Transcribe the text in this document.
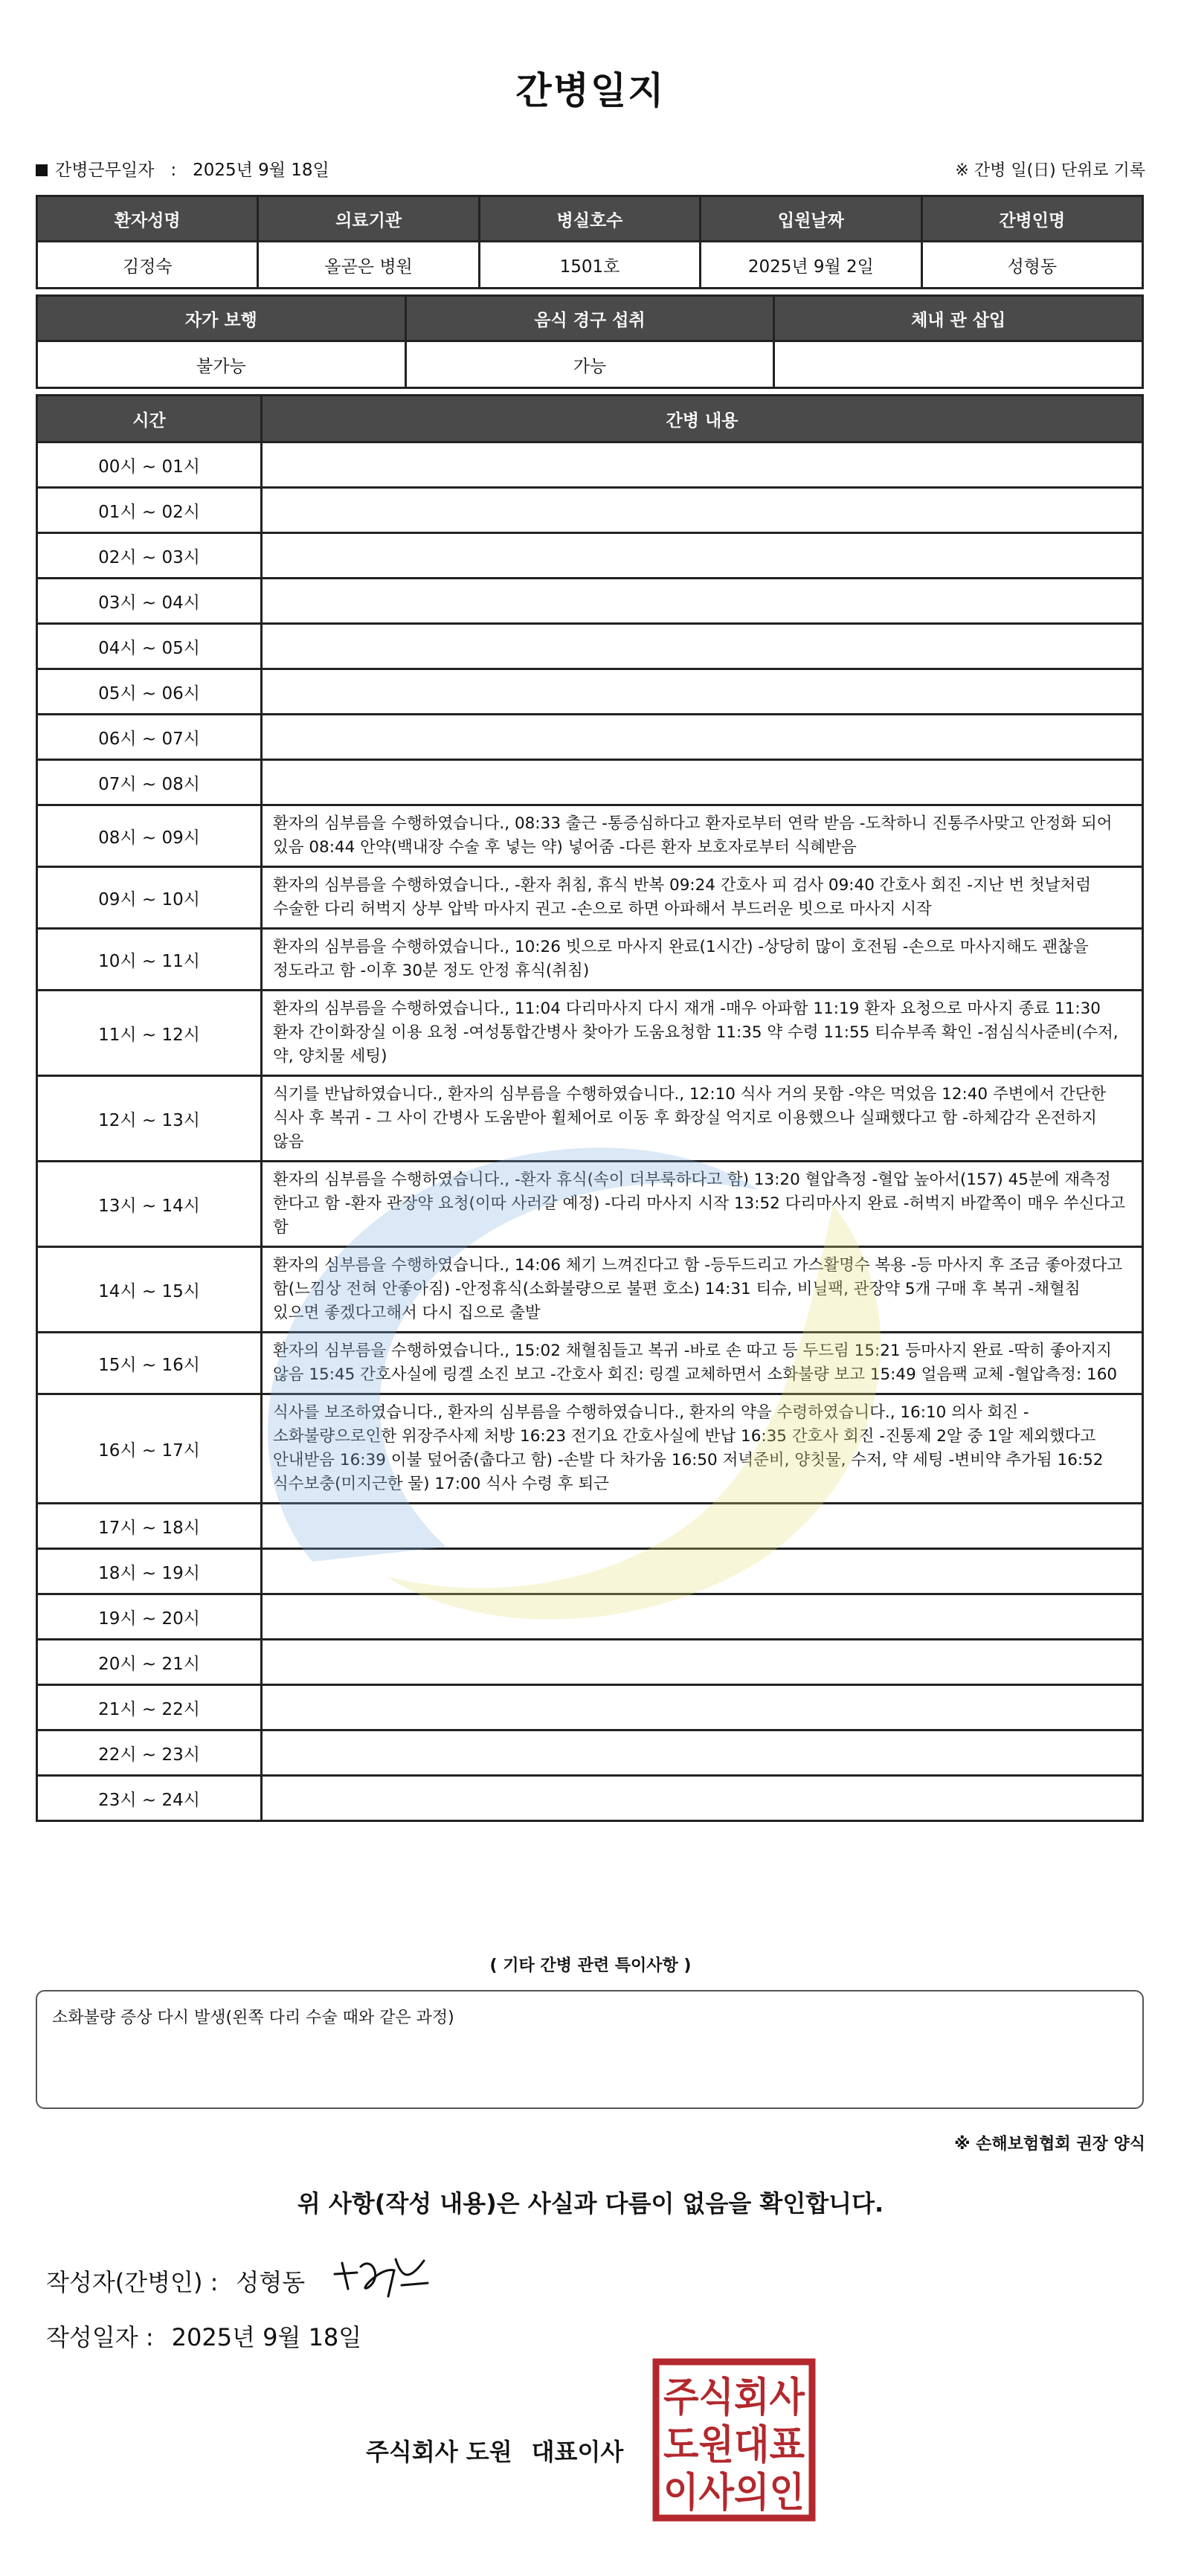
간병일지
간병근무일자 : 2025년 9월 18일	※ 간병 일(日) 단위로 기록
환자성명	의료기관	병실호수	입원날짜	간병인명
김정숙	올곧은 병원	1501호	2025년 9월 2일	성형동
자가 보행	음식 경구 섭취	체내 관 삽입
불가능	가능	
시간	간병 내용
00시 ~ 01시	
01시 ~ 02시	
02시 ~ 03시	
03시 ~ 04시	
04시 ~ 05시	
05시 ~ 06시	
06시 ~ 07시	
07시 ~ 08시	
08시 ~ 09시	환자의 심부름을 수행하였습니다., 08:33 출근 -통증심하다고 환자로부터 연락 받음 -도착하니 진통주사맞고 안정화 되어 있음 08:44 안약(백내장 수술 후 넣는 약) 넣어줌 -다른 환자 보호자로부터 식혜받음
09시 ~ 10시	환자의 심부름을 수행하였습니다., -환자 취침, 휴식 반복 09:24 간호사 피 검사 09:40 간호사 회진 -지난 번 첫날처럼 수술한 다리 허벅지 상부 압박 마사지 권고 -손으로 하면 아파해서 부드러운 빗으로 마사지 시작
10시 ~ 11시	환자의 심부름을 수행하였습니다., 10:26 빗으로 마사지 완료(1시간) -상당히 많이 호전됨 -손으로 마사지해도 괜찮을 정도라고 함 -이후 30분 정도 안정 휴식(취침)
11시 ~ 12시	환자의 심부름을 수행하였습니다., 11:04 다리마사지 다시 재개 -매우 아파함 11:19 환자 요청으로 마사지 종료 11:30 환자 간이화장실 이용 요청 -여성통합간병사 찾아가 도움요청함 11:35 약 수령 11:55 티슈부족 확인 -점심식사준비(수저, 약, 양치물 세팅)
12시 ~ 13시	식기를 반납하였습니다., 환자의 심부름을 수행하였습니다., 12:10 식사 거의 못함 -약은 먹었음 12:40 주변에서 간단한 식사 후 복귀 - 그 사이 간병사 도움받아 휠체어로 이동 후 화장실 억지로 이용했으나 실패했다고 함 -하체감각 온전하지 않음
13시 ~ 14시	환자의 심부름을 수행하였습니다., -환자 휴식(속이 더부룩하다고 함) 13:20 혈압측정 -혈압 높아서(157) 45분에 재측정 한다고 함 -환자 관장약 요청(이따 사러갈 예정) -다리 마사지 시작 13:52 다리마사지 완료 -허벅지 바깥쪽이 매우 쑤신다고 함
14시 ~ 15시	환자의 심부름을 수행하였습니다., 14:06 체기 느껴진다고 함 -등두드리고 가스활명수 복용 -등 마사지 후 조금 좋아졌다고 함(느낌상 전혀 안좋아짐) -안정휴식(소화불량으로 불편 호소) 14:31 티슈, 비닐팩, 관장약 5개 구매 후 복귀 -채혈침 있으면 좋겠다고해서 다시 집으로 출발
15시 ~ 16시	환자의 심부름을 수행하였습니다., 15:02 채혈침들고 복귀 -바로 손 따고 등 두드림 15:21 등마사지 완료 -딱히 좋아지지 않음 15:45 간호사실에 링겔 소진 보고 -간호사 회진: 링겔 교체하면서 소화불량 보고 15:49 얼음팩 교체 -혈압측정: 160
16시 ~ 17시	식사를 보조하였습니다., 환자의 심부름을 수행하였습니다., 환자의 약을 수령하였습니다., 16:10 의사 회진 -소화불량으로인한 위장주사제 처방 16:23 전기요 간호사실에 반납 16:35 간호사 회진 -진통제 2알 중 1알 제외했다고 안내받음 16:39 이불 덮어줌(춥다고 함) -손발 다 차가움 16:50 저녁준비, 양칫물, 수저, 약 세팅 -변비약 추가됨 16:52 식수보충(미지근한 물) 17:00 식사 수령 후 퇴근
17시 ~ 18시	
18시 ~ 19시	
19시 ~ 20시	
20시 ~ 21시	
21시 ~ 22시	
22시 ~ 23시	
23시 ~ 24시	
( 기타 간병 관련 특이사항 )
소화불량 증상 다시 발생(왼쪽 다리 수술 때와 같은 과정)
※ 손해보험협회 권장 양식
위 사항(작성 내용)은 사실과 다름이 없음을 확인합니다.
작성자(간병인) : 성형동
작성일자 : 2025년 9월 18일
주식회사 도원 대표이사
주식회사
도원대표
이사의인
